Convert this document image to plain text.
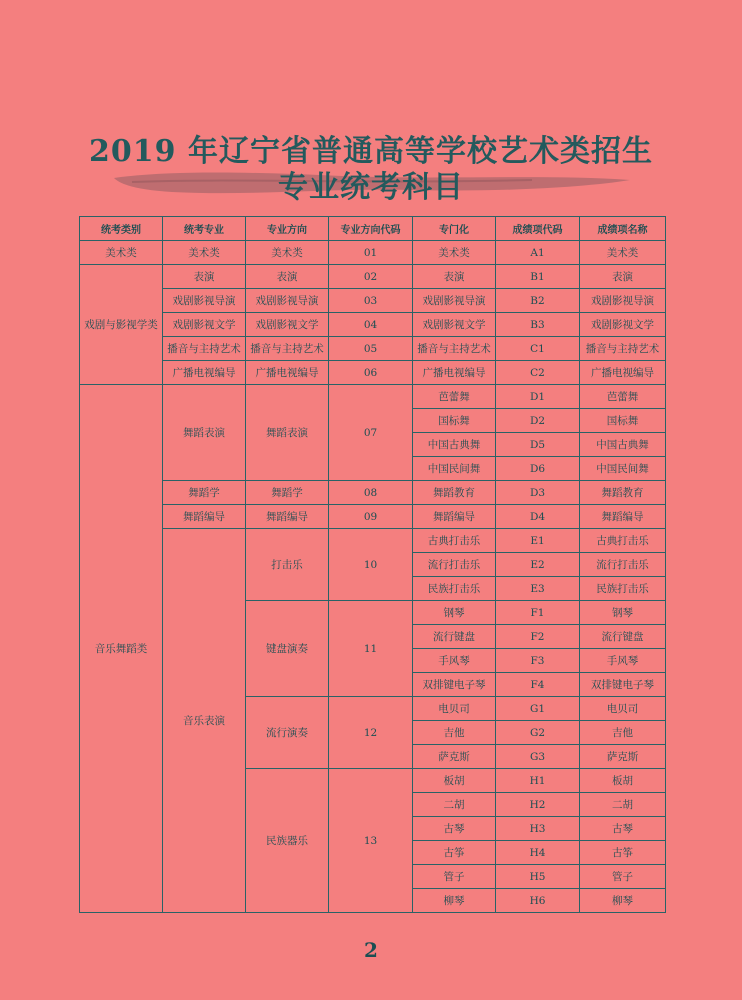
2019 年辽宁省普通高等学校艺术类招生
专业统考科目
统考类别	统考专业	专业方向	专业方向代码	专门化	成绩项代码	成绩项名称
美术类	美术类	美术类	01	美术类	A1	美术类
戏剧与影视学类	表演	表演	02	表演	B1	表演
	戏剧影视导演	戏剧影视导演	03	戏剧影视导演	B2	戏剧影视导演
	戏剧影视文学	戏剧影视文学	04	戏剧影视文学	B3	戏剧影视文学
	播音与主持艺术	播音与主持艺术	05	播音与主持艺术	C1	播音与主持艺术
	广播电视编导	广播电视编导	06	广播电视编导	C2	广播电视编导
音乐舞蹈类	舞蹈表演	舞蹈表演	07	芭蕾舞	D1	芭蕾舞
				国标舞	D2	国标舞
				中国古典舞	D5	中国古典舞
				中国民间舞	D6	中国民间舞
	舞蹈学	舞蹈学	08	舞蹈教育	D3	舞蹈教育
	舞蹈编导	舞蹈编导	09	舞蹈编导	D4	舞蹈编导
	音乐表演	打击乐	10	古典打击乐	E1	古典打击乐
				流行打击乐	E2	流行打击乐
				民族打击乐	E3	民族打击乐
		键盘演奏	11	钢琴	F1	钢琴
				流行键盘	F2	流行键盘
				手风琴	F3	手风琴
				双排键电子琴	F4	双排键电子琴
		流行演奏	12	电贝司	G1	电贝司
				吉他	G2	吉他
				萨克斯	G3	萨克斯
		民族器乐	13	板胡	H1	板胡
				二胡	H2	二胡
				古琴	H3	古琴
				古筝	H4	古筝
				管子	H5	管子
				柳琴	H6	柳琴
2
